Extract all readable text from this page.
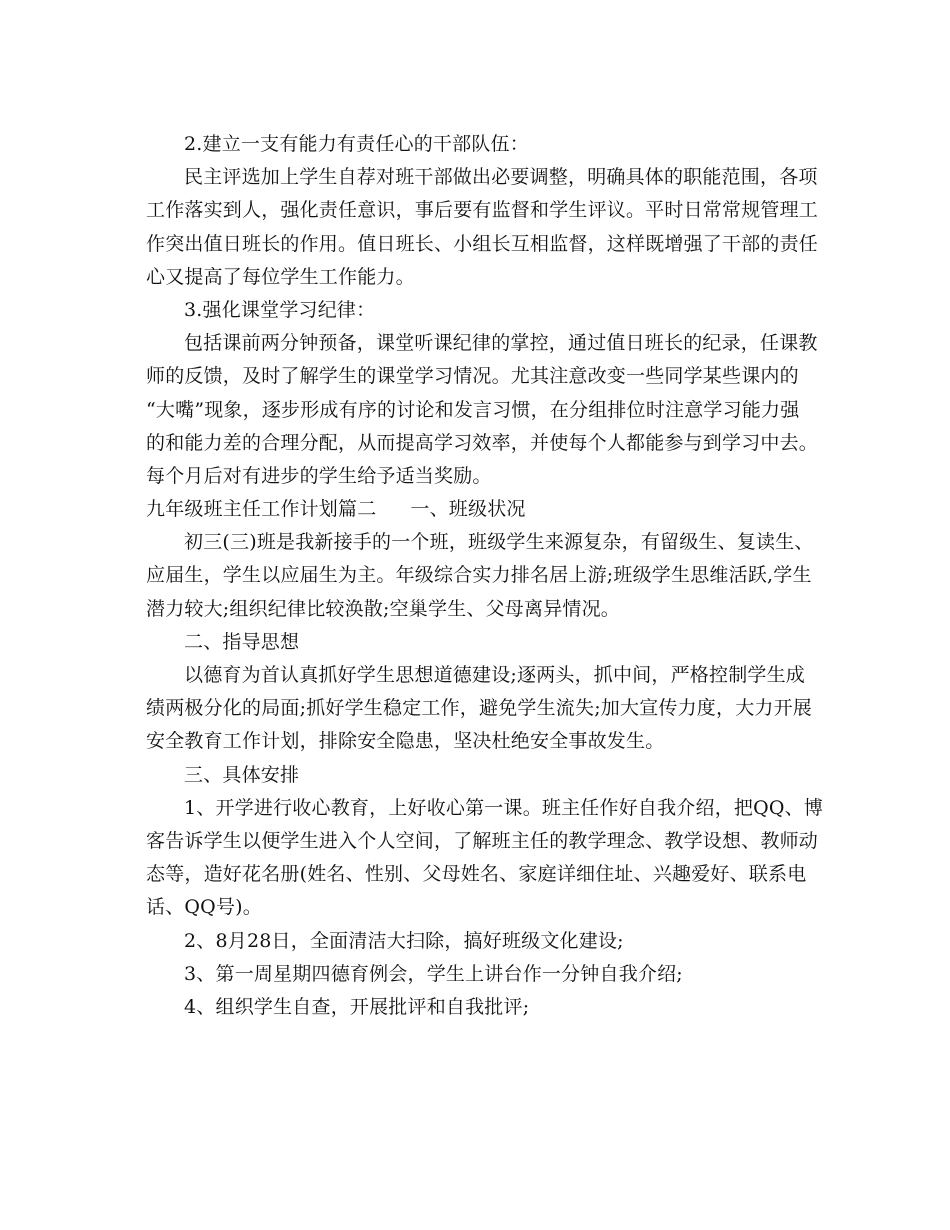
2.建立一支有能力有责任心的干部队伍：
民主评选加上学生自荐对班干部做出必要调整，明确具体的职能范围，各项
工作落实到人，强化责任意识，事后要有监督和学生评议。平时日常常规管理工
作突出值日班长的作用。值日班长、小组长互相监督，这样既增强了干部的责任
心又提高了每位学生工作能力。
3.强化课堂学习纪律：
包括课前两分钟预备，课堂听课纪律的掌控，通过值日班长的纪录，任课教
师的反馈，及时了解学生的课堂学习情况。尤其注意改变一些同学某些课内的
“大嘴”现象，逐步形成有序的讨论和发言习惯，在分组排位时注意学习能力强
的和能力差的合理分配，从而提高学习效率，并使每个人都能参与到学习中去。
每个月后对有进步的学生给予适当奖励。
九年级班主任工作计划篇二 一、班级状况
初三(三)班是我新接手的一个班，班级学生来源复杂，有留级生、复读生、
应届生，学生以应届生为主。年级综合实力排名居上游;班级学生思维活跃,学生
潜力较大;组织纪律比较涣散;空巢学生、父母离异情况。
二、指导思想
以德育为首认真抓好学生思想道德建设;逐两头，抓中间，严格控制学生成
绩两极分化的局面;抓好学生稳定工作，避免学生流失;加大宣传力度，大力开展
安全教育工作计划，排除安全隐患，坚决杜绝安全事故发生。
三、具体安排
1、开学进行收心教育，上好收心第一课。班主任作好自我介绍，把QQ、博
客告诉学生以便学生进入个人空间，了解班主任的教学理念、教学设想、教师动
态等，造好花名册(姓名、性别、父母姓名、家庭详细住址、兴趣爱好、联系电
话、QQ号)。
2、8月28日，全面清洁大扫除，搞好班级文化建设;
3、第一周星期四德育例会，学生上讲台作一分钟自我介绍;
4、组织学生自查，开展批评和自我批评;
